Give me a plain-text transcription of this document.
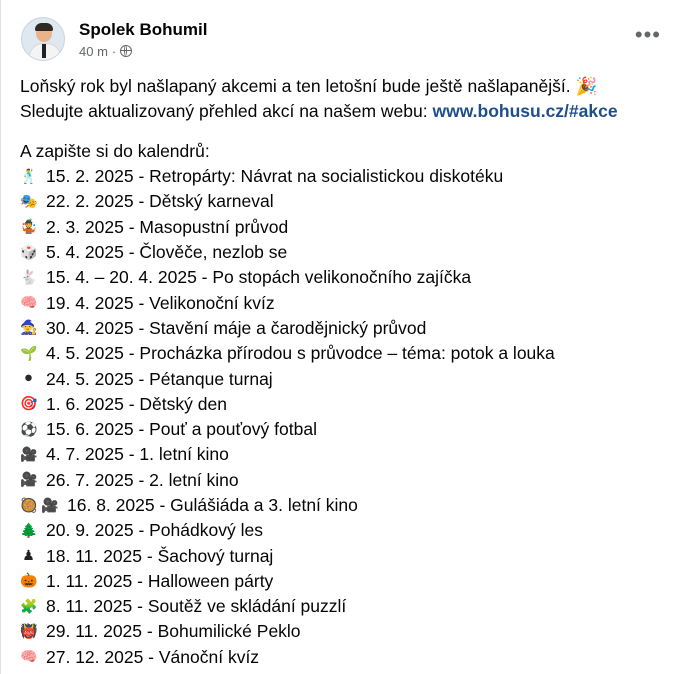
Spolek Bohumil
40 m ·
•••

Loňský rok byl našlapaný akcemi a ten letošní bude ještě našlapanější. 🎉

Sledujte aktualizovaný přehled akcí na našem webu: www.bohusu.cz/#akce

A zapište si do kalendrů:

🕺 15. 2. 2025 - Retropárty: Návrat na socialistickou diskotéku
🎭 22. 2. 2025 - Dětský karneval
🤹 2. 3. 2025 - Masopustní průvod
🎲 5. 4. 2025 - Člověče, nezlob se
🐇 15. 4. – 20. 4. 2025 - Po stopách velikonočního zajíčka
🧠 19. 4. 2025 - Velikonoční kvíz
🧙 30. 4. 2025 - Stavění máje a čarodějnický průvod
🌱 4. 5. 2025 - Procházka přírodou s průvodce – téma: potok a louka
⚫ 24. 5. 2025 - Pétanque turnaj
🎯 1. 6. 2025 - Dětský den
⚽ 15. 6. 2025 - Pouť a pouťový fotbal
🎥 4. 7. 2025 - 1. letní kino
🎥 26. 7. 2025 - 2. letní kino
🥘 🎥 16. 8. 2025 - Gulášiáda a 3. letní kino
🌲 20. 9. 2025 - Pohádkový les
♟ 18. 11. 2025 - Šachový turnaj
🎃 1. 11. 2025 - Halloween párty
🧩 8. 11. 2025 - Soutěž ve skládání puzzlí
👹 29. 11. 2025 - Bohumilické Peklo
🧠 27. 12. 2025 - Vánoční kvíz
